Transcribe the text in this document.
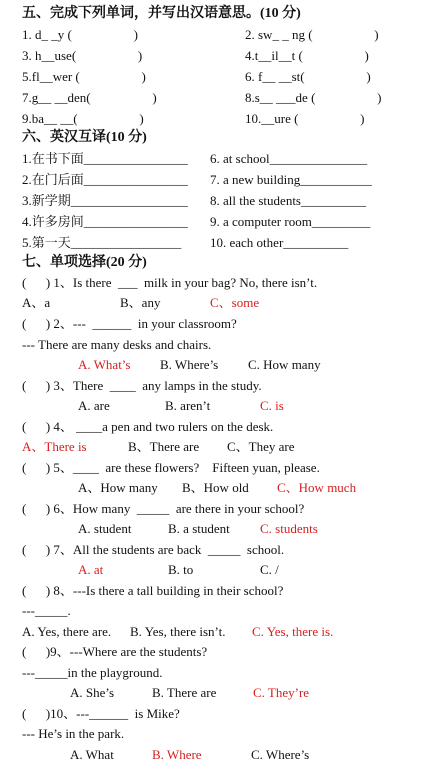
五、完成下列单词，并写出汉语意思。(10 分)
1. d_ _y (                   )	2. sw_ _ ng (                   )
3. h__use(                   )	4.t__il__t (                   )
5.fl__wer (                   )	6. f__ __st(                   )
7.g__ __den(                   )	8.s__ ___de (                   )
9.ba__ __(                   )	10.__ure (                   )
六、英汉互译(10 分)
1.在书下面________________ 6. at school_______________
2.在门后面________________ 7. a new building___________
3.新学期__________________ 8. all the students__________
4.许多房间________________ 9. a computer room_________
5.第一天_________________ 10. each other__________
七、单项选择(20 分)
(      ) 1、Is there  ___  milk in your bag? No, there isn’t.
A、a	B、any	C、some
(      ) 2、---  ______  in your classroom?
--- There are many desks and chairs.
A. What’s B. Where’s C. How many
(      ) 3、There  ____  any lamps in the study.
A. are	B. aren’t	C. is
(      ) 4、 ____a pen and two rulers on the desk.
A、There is	B、There are C、They are
(      ) 5、____  are these flowers?    Fifteen yuan, please.
A、How many B、How old C、How much
(      ) 6、How many  _____  are there in your school?
A. student	B. a student C. students
(      ) 7、All the students are back  _____  school.
A. at	B. to	C. /
(      ) 8、---Is there a tall building in their school?
---_____.
A. Yes, there are. B. Yes, there isn’t. C. Yes, there is.
(      )9、---Where are the students?
---_____in the playground.
A. She’s	B. There are	C. They’re
(      )10、---______  is Mike?
--- He’s in the park.
A. What	B. Where	C. Where’s
